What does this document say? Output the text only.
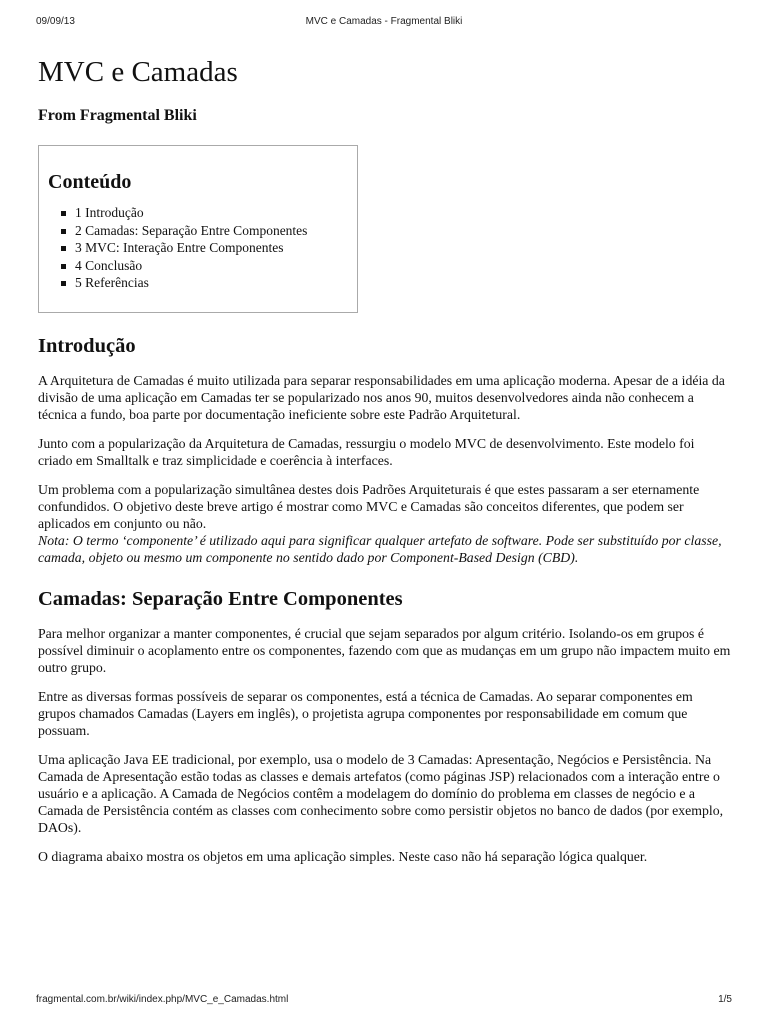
09/09/13	MVC e Camadas - Fragmental Bliki
MVC e Camadas
From Fragmental Bliki
Conteúdo
1 Introdução
2 Camadas: Separação Entre Componentes
3 MVC: Interação Entre Componentes
4 Conclusão
5 Referências
Introdução

A Arquitetura de Camadas é muito utilizada para separar responsabilidades em uma aplicação moderna. Apesar de a idéia da divisão de uma aplicação em Camadas ter se popularizado nos anos 90, muitos desenvolvedores ainda não conhecem a técnica a fundo, boa parte por documentação ineficiente sobre este Padrão Arquitetural.

Junto com a popularização da Arquitetura de Camadas, ressurgiu o modelo MVC de desenvolvimento. Este modelo foi criado em Smalltalk e traz simplicidade e coerência à interfaces.

Um problema com a popularização simultânea destes dois Padrões Arquiteturais é que estes passaram a ser eternamente confundidos. O objetivo deste breve artigo é mostrar como MVC e Camadas são conceitos diferentes, que podem ser aplicados em conjunto ou não.

Nota: O termo ‘componente’ é utilizado aqui para significar qualquer artefato de software. Pode ser substituído por classe, camada, objeto ou mesmo um componente no sentido dado por Component-Based Design (CBD).

Camadas: Separação Entre Componentes

Para melhor organizar a manter componentes, é crucial que sejam separados por algum critério. Isolando-os em grupos é possível diminuir o acoplamento entre os componentes, fazendo com que as mudanças em um grupo não impactem muito em outro grupo.

Entre as diversas formas possíveis de separar os componentes, está a técnica de Camadas. Ao separar componentes em grupos chamados Camadas (Layers em inglês), o projetista agrupa componentes por responsabilidade em comum que possuam.

Uma aplicação Java EE tradicional, por exemplo, usa o modelo de 3 Camadas: Apresentação, Negócios e Persistência. Na Camada de Apresentação estão todas as classes e demais artefatos (como páginas JSP) relacionados com a interação entre o usuário e a aplicação. A Camada de Negócios contêm a modelagem do domínio do problema em classes de negócio e a Camada de Persistência contém as classes com conhecimento sobre como persistir objetos no banco de dados (por exemplo, DAOs).

O diagrama abaixo mostra os objetos em uma aplicação simples. Neste caso não há separação lógica qualquer.

fragmental.com.br/wiki/index.php/MVC_e_Camadas.html	1/5
